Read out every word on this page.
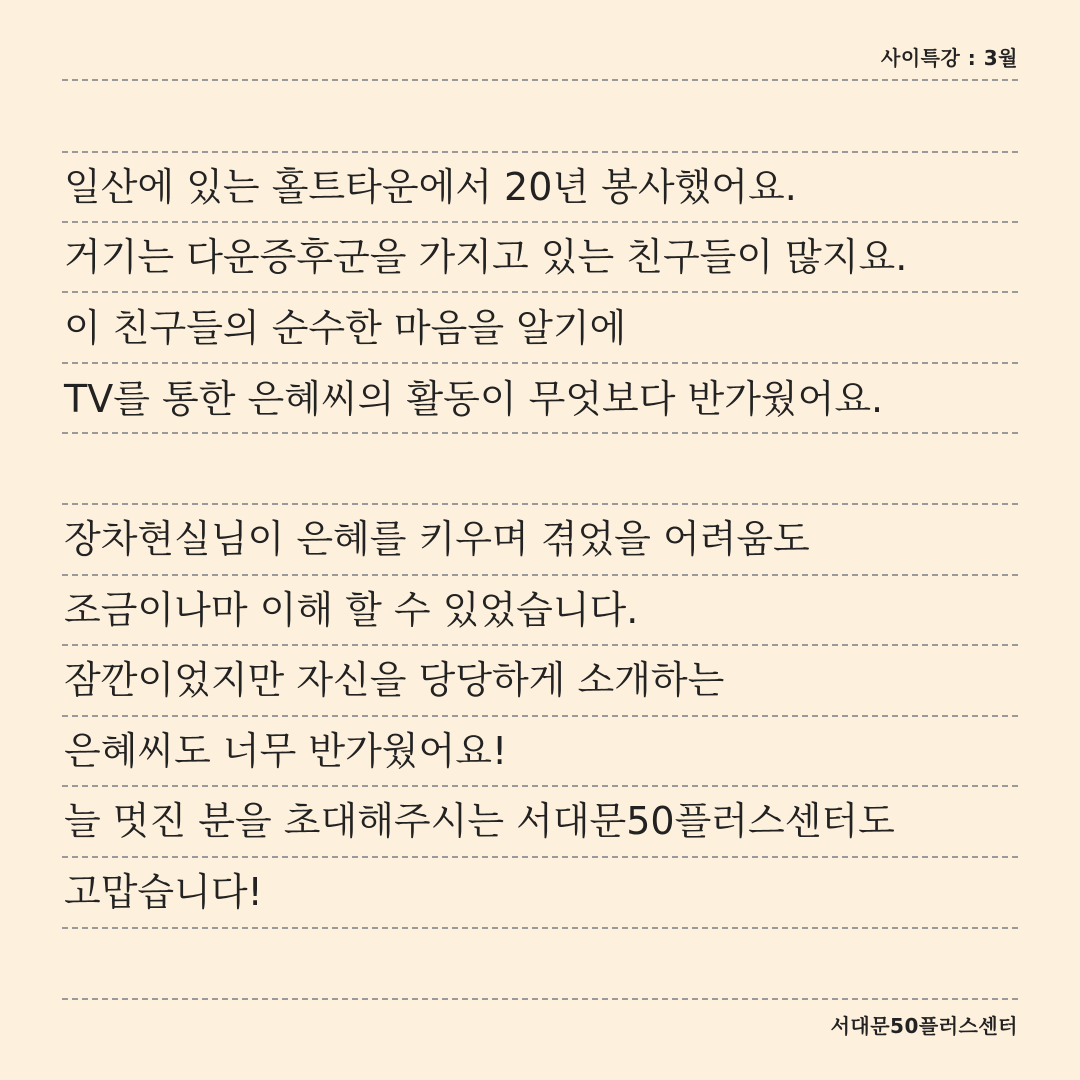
사이특강 : 3월
일산에 있는 홀트타운에서 20년 봉사했어요.
거기는 다운증후군을 가지고 있는 친구들이 많지요.
이 친구들의 순수한 마음을 알기에
TV를 통한 은혜씨의 활동이 무엇보다 반가웠어요.
장차현실님이 은혜를 키우며 겪었을 어려움도
조금이나마 이해 할 수 있었습니다.
잠깐이었지만 자신을 당당하게 소개하는
은혜씨도 너무 반가웠어요!
늘 멋진 분을 초대해주시는 서대문50플러스센터도
고맙습니다!
서대문50플러스센터
